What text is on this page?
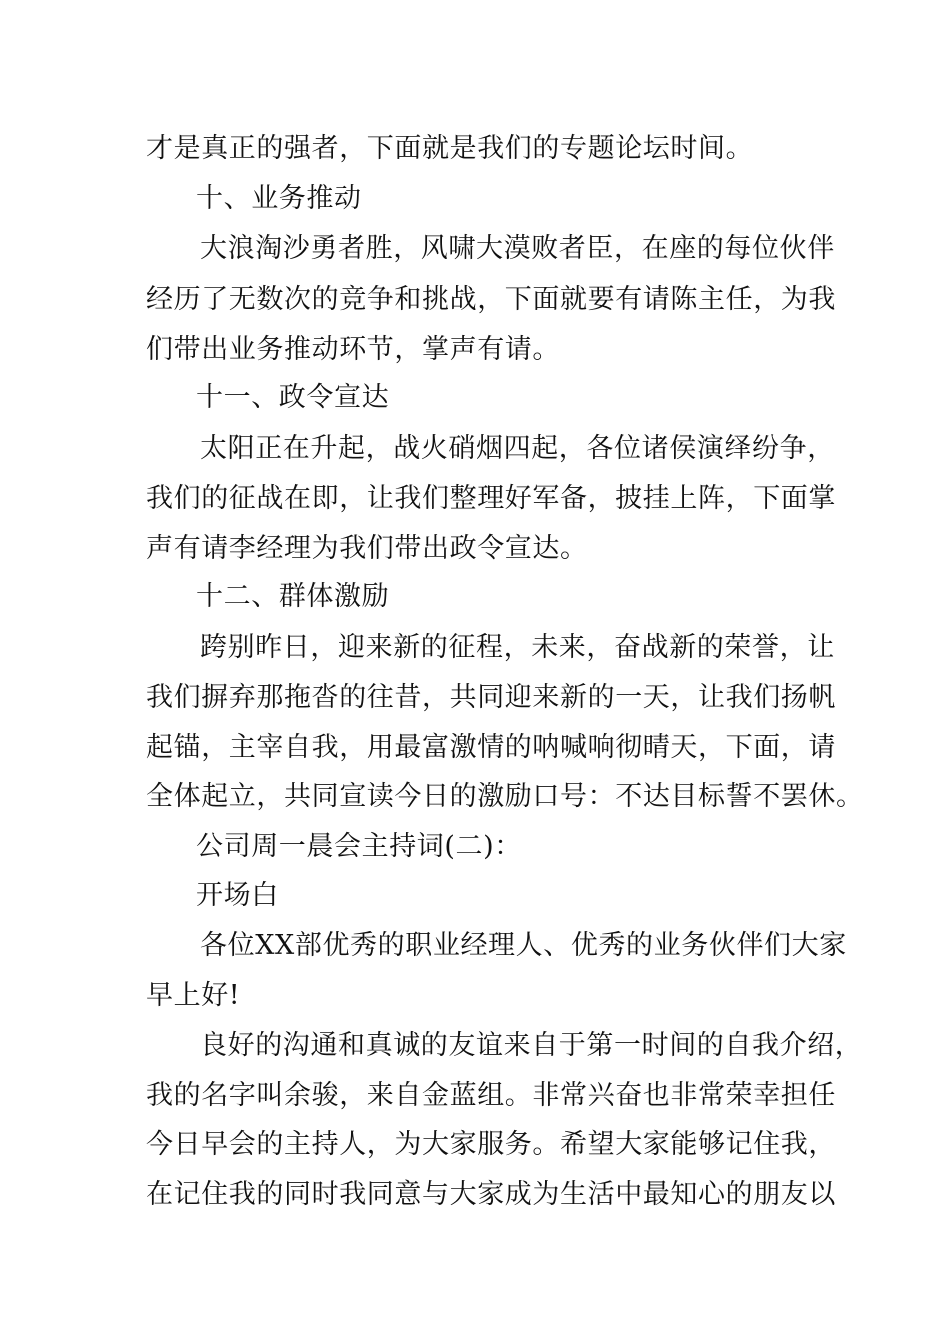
才是真正的强者，下面就是我们的专题论坛时间。
十、业务推动
大浪淘沙勇者胜，风啸大漠败者臣，在座的每位伙伴
经历了无数次的竞争和挑战，下面就要有请陈主任，为我
们带出业务推动环节，掌声有请。
十一、政令宣达
太阳正在升起，战火硝烟四起，各位诸侯演绎纷争，
我们的征战在即，让我们整理好军备，披挂上阵，下面掌
声有请李经理为我们带出政令宣达。
十二、群体激励
跨别昨日，迎来新的征程，未来，奋战新的荣誉，让
我们摒弃那拖沓的往昔，共同迎来新的一天，让我们扬帆
起锚，主宰自我，用最富激情的呐喊响彻晴天，下面，请
全体起立，共同宣读今日的激励口号：不达目标誓不罢休。
公司周一晨会主持词(二)：
开场白
各位XX部优秀的职业经理人、优秀的业务伙伴们大家
早上好!
良好的沟通和真诚的友谊来自于第一时间的自我介绍，
我的名字叫余骏，来自金蓝组。非常兴奋也非常荣幸担任
今日早会的主持人，为大家服务。希望大家能够记住我，
在记住我的同时我同意与大家成为生活中最知心的朋友以
